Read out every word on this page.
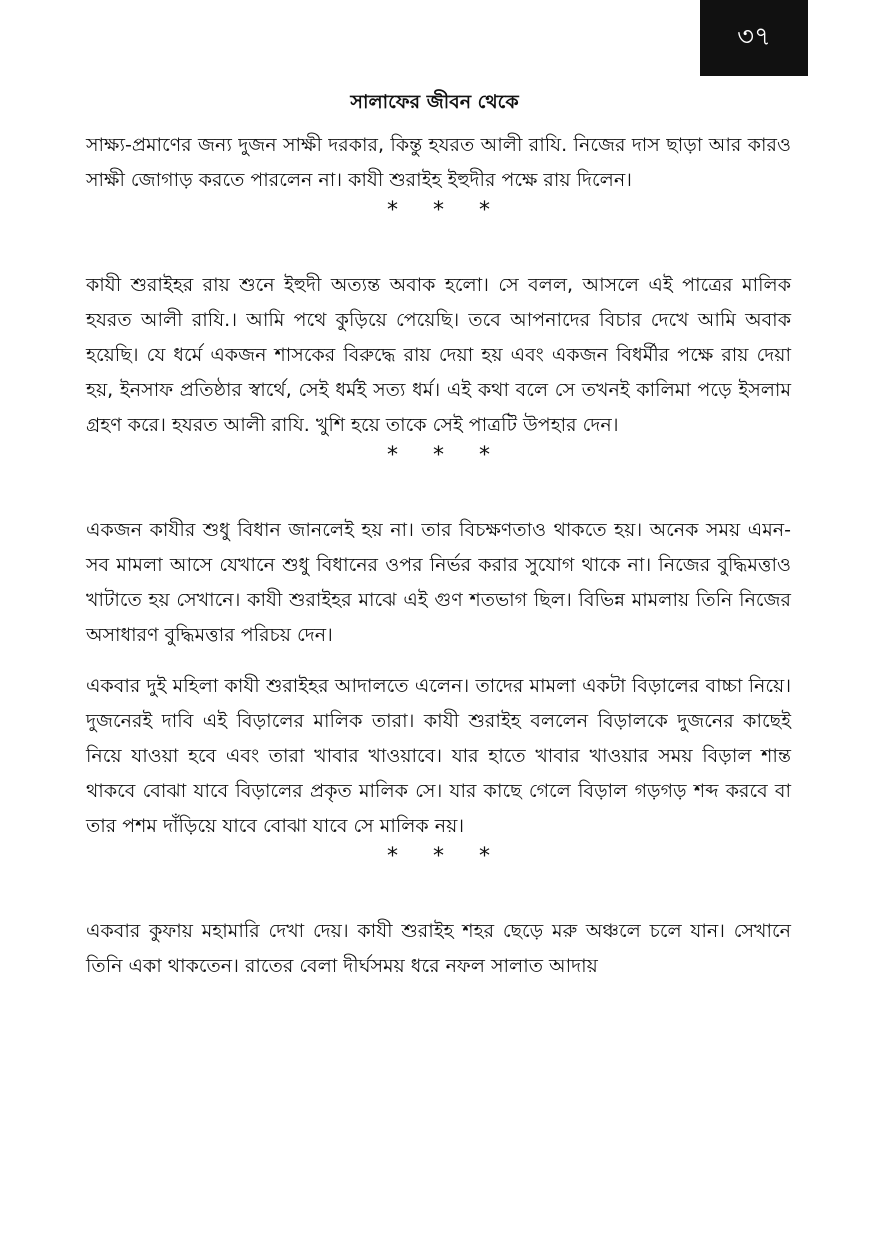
৩৭
সালাফের জীবন থেকে

সাক্ষ্য-প্রমাণের জন্য দুজন সাক্ষী দরকার, কিন্তু হযরত আলী রাযি. নিজের দাস ছাড়া আর কারও সাক্ষী জোগাড় করতে পারলেন না। কাযী শুরাইহ ইহুদীর পক্ষে রায় দিলেন।

* * *

কাযী শুরাইহর রায় শুনে ইহুদী অত্যন্ত অবাক হলো। সে বলল, আসলে এই পাত্রের মালিক হযরত আলী রাযি.। আমি পথে কুড়িয়ে পেয়েছি। তবে আপনাদের বিচার দেখে আমি অবাক হয়েছি। যে ধর্মে একজন শাসকের বিরুদ্ধে রায় দেয়া হয় এবং একজন বিধর্মীর পক্ষে রায় দেয়া হয়, ইনসাফ প্রতিষ্ঠার স্বার্থে, সেই ধর্মই সত্য ধর্ম। এই কথা বলে সে তখনই কালিমা পড়ে ইসলাম গ্রহণ করে। হযরত আলী রাযি. খুশি হয়ে তাকে সেই পাত্রটি উপহার দেন।

* * *

একজন কাযীর শুধু বিধান জানলেই হয় না। তার বিচক্ষণতাও থাকতে হয়। অনেক সময় এমন-সব মামলা আসে যেখানে শুধু বিধানের ওপর নির্ভর করার সুযোগ থাকে না। নিজের বুদ্ধিমত্তাও খাটাতে হয় সেখানে। কাযী শুরাইহর মাঝে এই গুণ শতভাগ ছিল। বিভিন্ন মামলায় তিনি নিজের অসাধারণ বুদ্ধিমত্তার পরিচয় দেন।

একবার দুই মহিলা কাযী শুরাইহর আদালতে এলেন। তাদের মামলা একটা বিড়ালের বাচ্চা নিয়ে। দুজনেরই দাবি এই বিড়ালের মালিক তারা। কাযী শুরাইহ বললেন বিড়ালকে দুজনের কাছেই নিয়ে যাওয়া হবে এবং তারা খাবার খাওয়াবে। যার হাতে খাবার খাওয়ার সময় বিড়াল শান্ত থাকবে বোঝা যাবে বিড়ালের প্রকৃত মালিক সে। যার কাছে গেলে বিড়াল গড়গড় শব্দ করবে বা তার পশম দাঁড়িয়ে যাবে বোঝা যাবে সে মালিক নয়।

* * *

একবার কুফায় মহামারি দেখা দেয়। কাযী শুরাইহ শহর ছেড়ে মরু অঞ্চলে চলে যান। সেখানে তিনি একা থাকতেন। রাতের বেলা দীর্ঘসময় ধরে নফল সালাত আদায়
